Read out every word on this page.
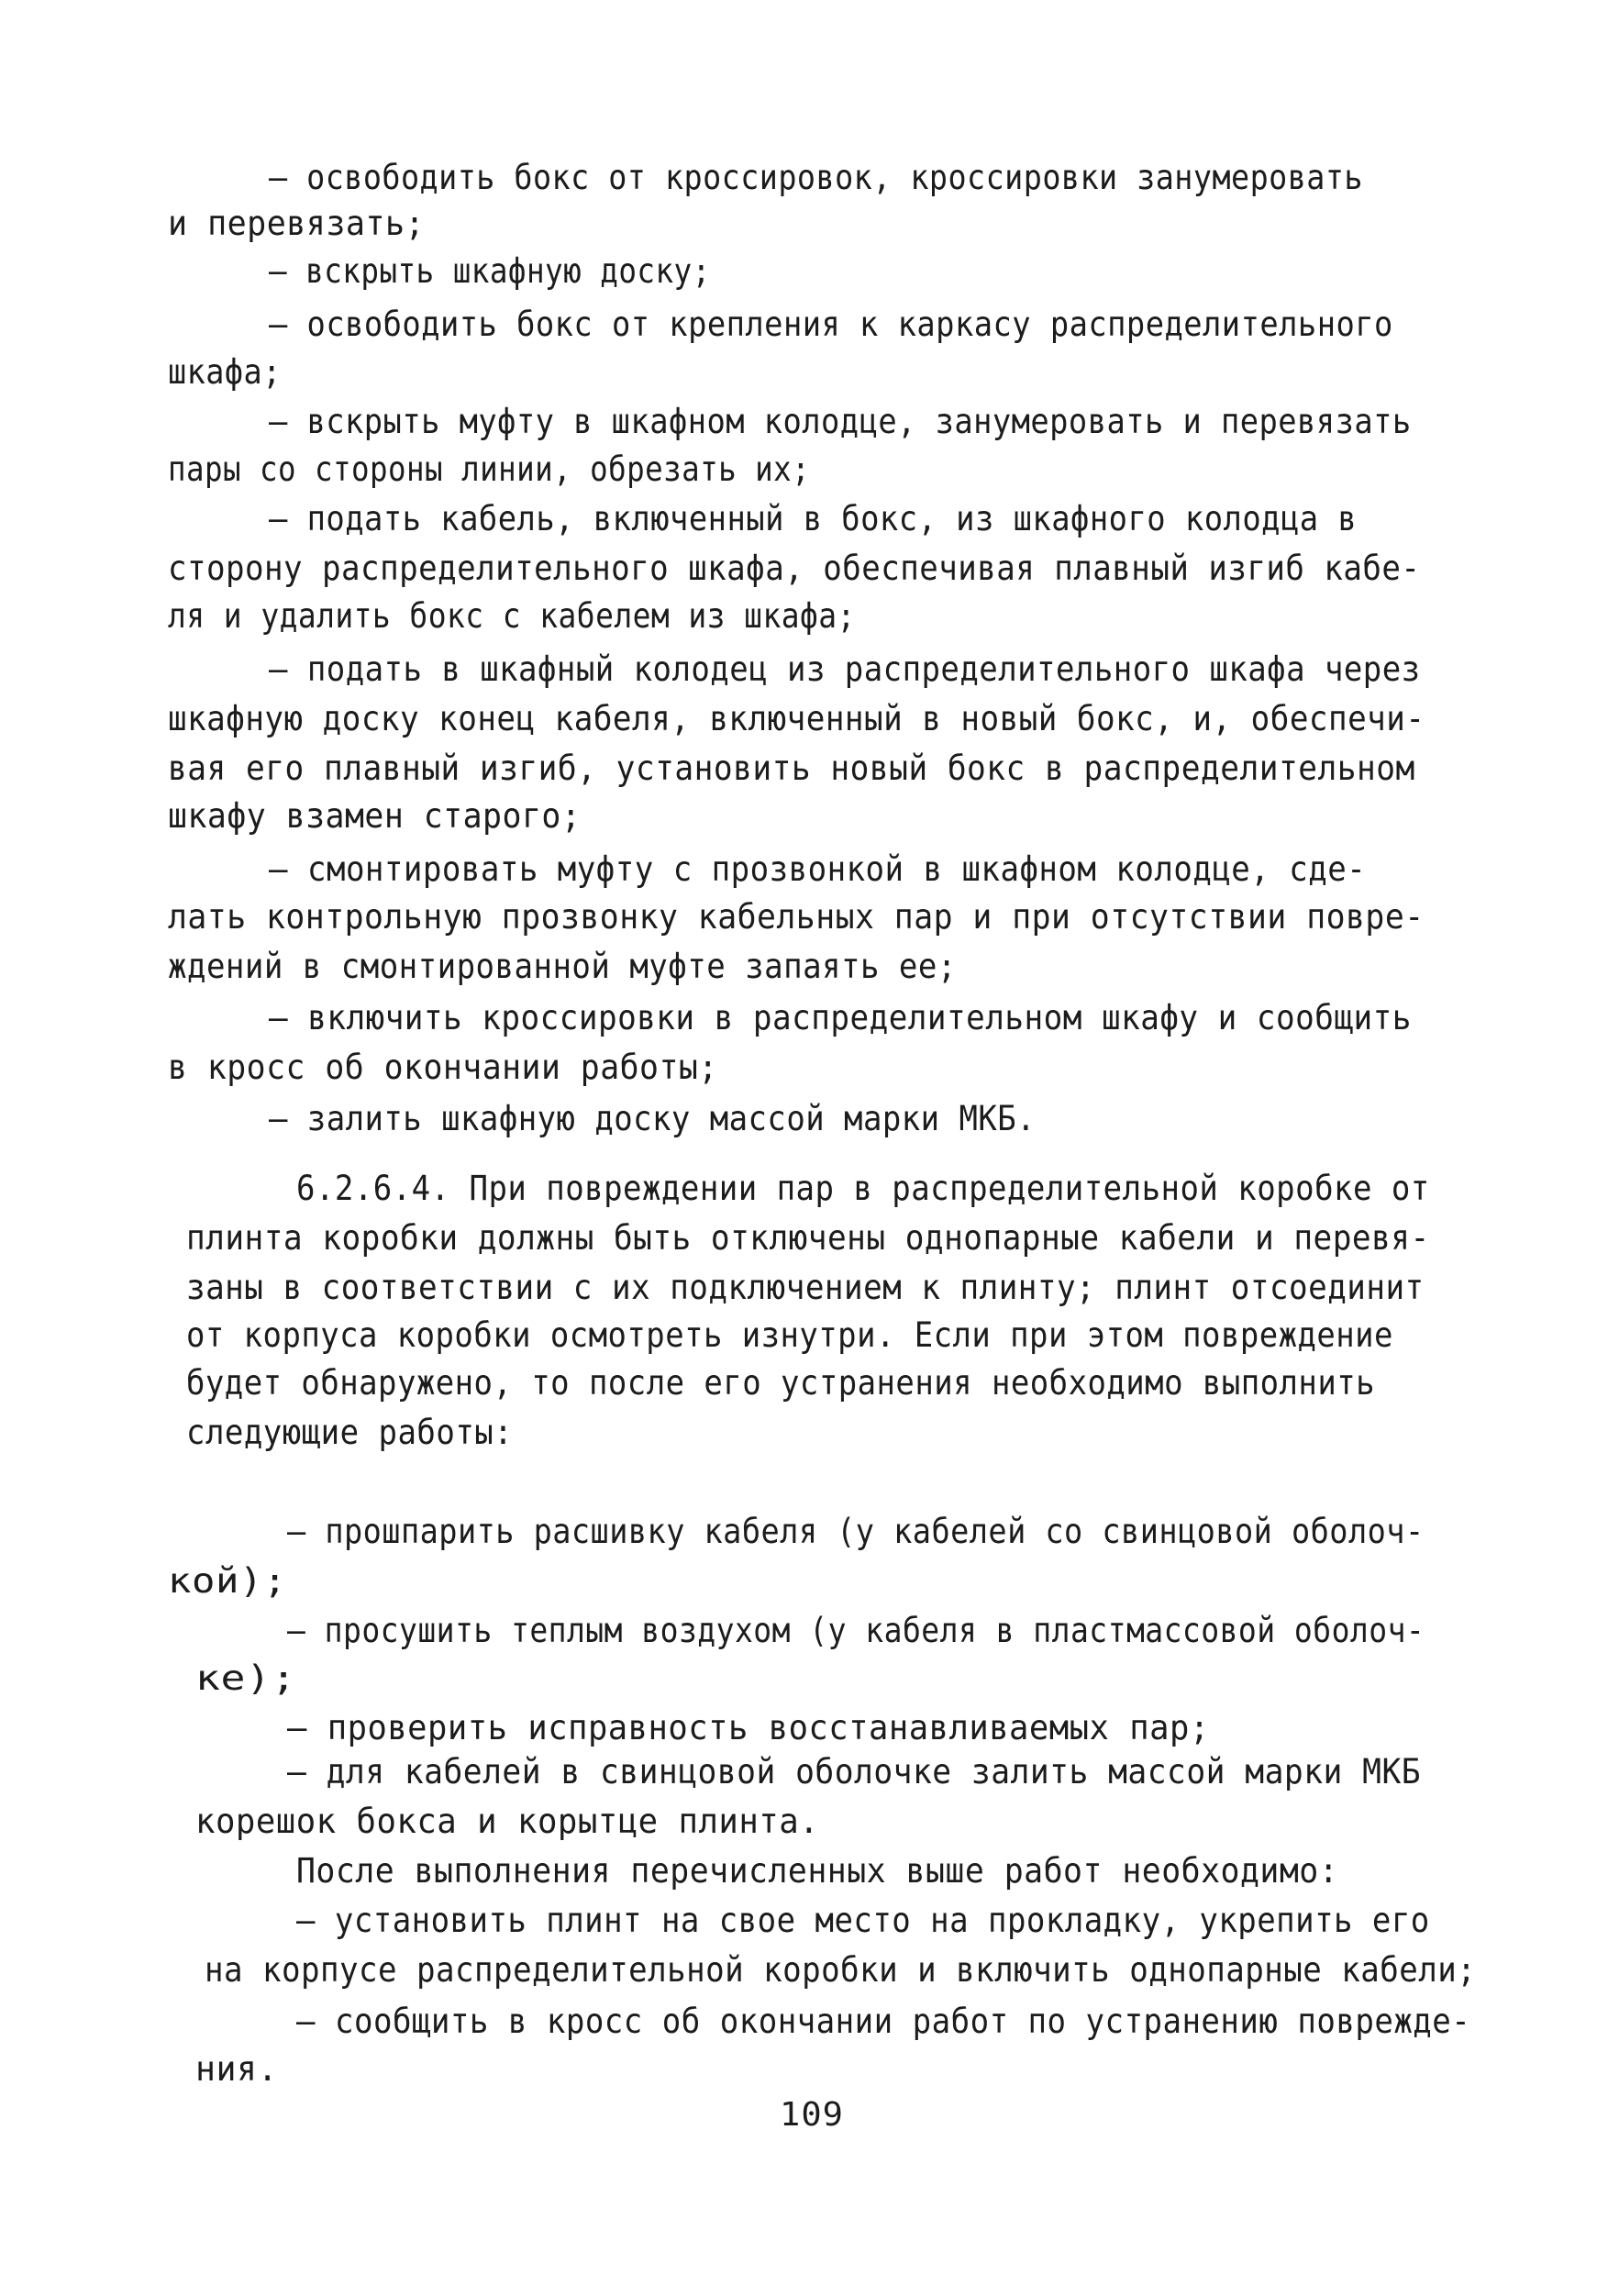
– освободить бокс от кроссировок, кроссировки занумеровать
и перевязать;
– вскрыть шкафную доску;
– освободить бокс от крепления к каркасу распределительного
шкафа;
– вскрыть муфту в шкафном колодце, занумеровать и перевязать
пары со стороны линии, обрезать их;
– подать кабель, включенный в бокс, из шкафного колодца в
сторону распределительного шкафа, обеспечивая плавный изгиб кабе-
ля и удалить бокс с кабелем из шкафа;
– подать в шкафный колодец из распределительного шкафа через
шкафную доску конец кабеля, включенный в новый бокс, и, обеспечи-
вая его плавный изгиб, установить новый бокс в распределительном
шкафу взамен старого;
– смонтировать муфту с прозвонкой в шкафном колодце, сде-
лать контрольную прозвонку кабельных пар и при отсутствии повре-
ждений в смонтированной муфте запаять ее;
– включить кроссировки в распределительном шкафу и сообщить
в кросс об окончании работы;
– залить шкафную доску массой марки МКБ.
6.2.6.4. При повреждении пар в распределительной коробке от
плинта коробки должны быть отключены однопарные кабели и перевя-
заны в соответствии с их подключением к плинту; плинт отсоединит
от корпуса коробки осмотреть изнутри. Если при этом повреждение
будет обнаружено, то после его устранения необходимо выполнить
следующие работы:
– прошпарить расшивку кабеля (у кабелей со свинцовой оболоч-
кой);
– просушить теплым воздухом (у кабеля в пластмассовой оболоч-
ке);
– проверить исправность восстанавливаемых пар;
– для кабелей в свинцовой оболочке залить массой марки МКБ
корешок бокса и корытце плинта.
После выполнения перечисленных выше работ необходимо:
– установить плинт на свое место на прокладку, укрепить его
на корпусе распределительной коробки и включить однопарные кабели;
– сообщить в кросс об окончании работ по устранению поврежде-
ния.
109
